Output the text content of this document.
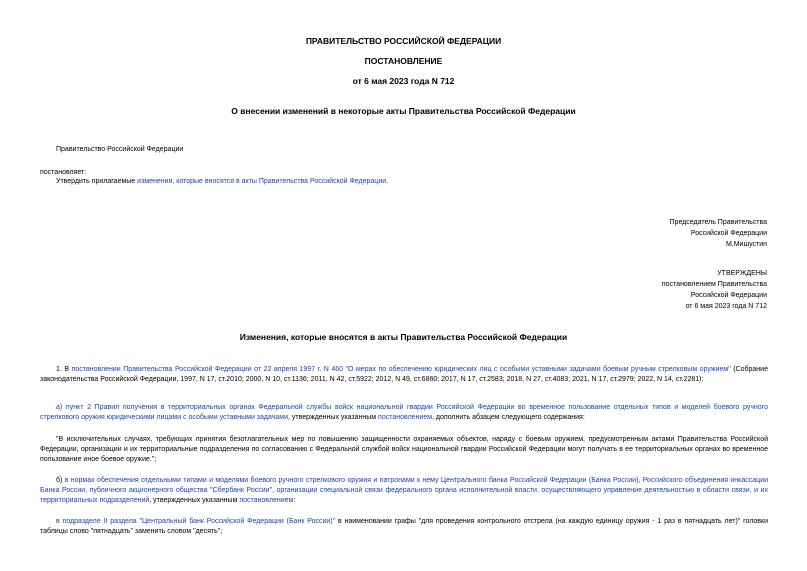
ПРАВИТЕЛЬСТВО РОССИЙСКОЙ ФЕДЕРАЦИИ
ПОСТАНОВЛЕНИЕ
от 6 мая 2023 года N 712
О внесении изменений в некоторые акты Правительства Российской Федерации
Правительство Российской Федерации
постановляет:
Утвердить прилагаемые изменения, которые вносятся в акты Правительства Российской Федерации.
Председатель Правительства
Российской Федерации
М.Мишустин
УТВЕРЖДЕНЫ
постановлением Правительства
Российской Федерации
от 6 мая 2023 года N 712
Изменения, которые вносятся в акты Правительства Российской Федерации
1. В постановлении Правительства Российской Федерации от 22 апреля 1997 г. N 460 "О мерах по обеспечению юридических лиц с особыми уставными задачами боевым ручным стрелковым оружием" (Собрание законодательства Российской Федерации, 1997, N 17, ст.2010; 2000, N 10, ст.1136; 2011, N 42, ст.5922; 2012, N 49, ст.6860; 2017, N 17, ст.2583; 2018, N 27, ст.4083; 2021, N 17, ст.2979; 2022, N 14, ст.2281):
а) пункт 2 Правил получения в территориальных органах Федеральной службы войск национальной гвардии Российской Федерации во временное пользование отдельных типов и моделей боевого ручного стрелкового оружия юридическими лицами с особыми уставными задачами, утвержденных указанным постановлением, дополнить абзацем следующего содержания:
"В исключительных случаях, требующих принятия безотлагательных мер по повышению защищенности охраняемых объектов, наряду с боевым оружием, предусмотренным актами Правительства Российской Федерации, организации и их территориальные подразделения по согласованию с Федеральной службой войск национальной гвардии Российской Федерации могут получать в ее территориальных органах во временное пользование иное боевое оружие.";
б) в нормах обеспечения отдельными типами и моделями боевого ручного стрелкового оружия и патронами к нему Центрального банка Российской Федерации (Банка России), Российского объединения инкассации Банка России, публичного акционерного общества "Сбербанк России", организации специальной связи федерального органа исполнительной власти, осуществляющего управление деятельностью в области связи, и их территориальных подразделений, утвержденных указанным постановлением:
в подразделе II раздела "Центральный банк Российской Федерации (Банк России)" в наименовании графы "для проведения контрольного отстрела (на каждую единицу оружия - 1 раз в пятнадцать лет)" головки таблицы слово "пятнадцать" заменить словом "десять";
